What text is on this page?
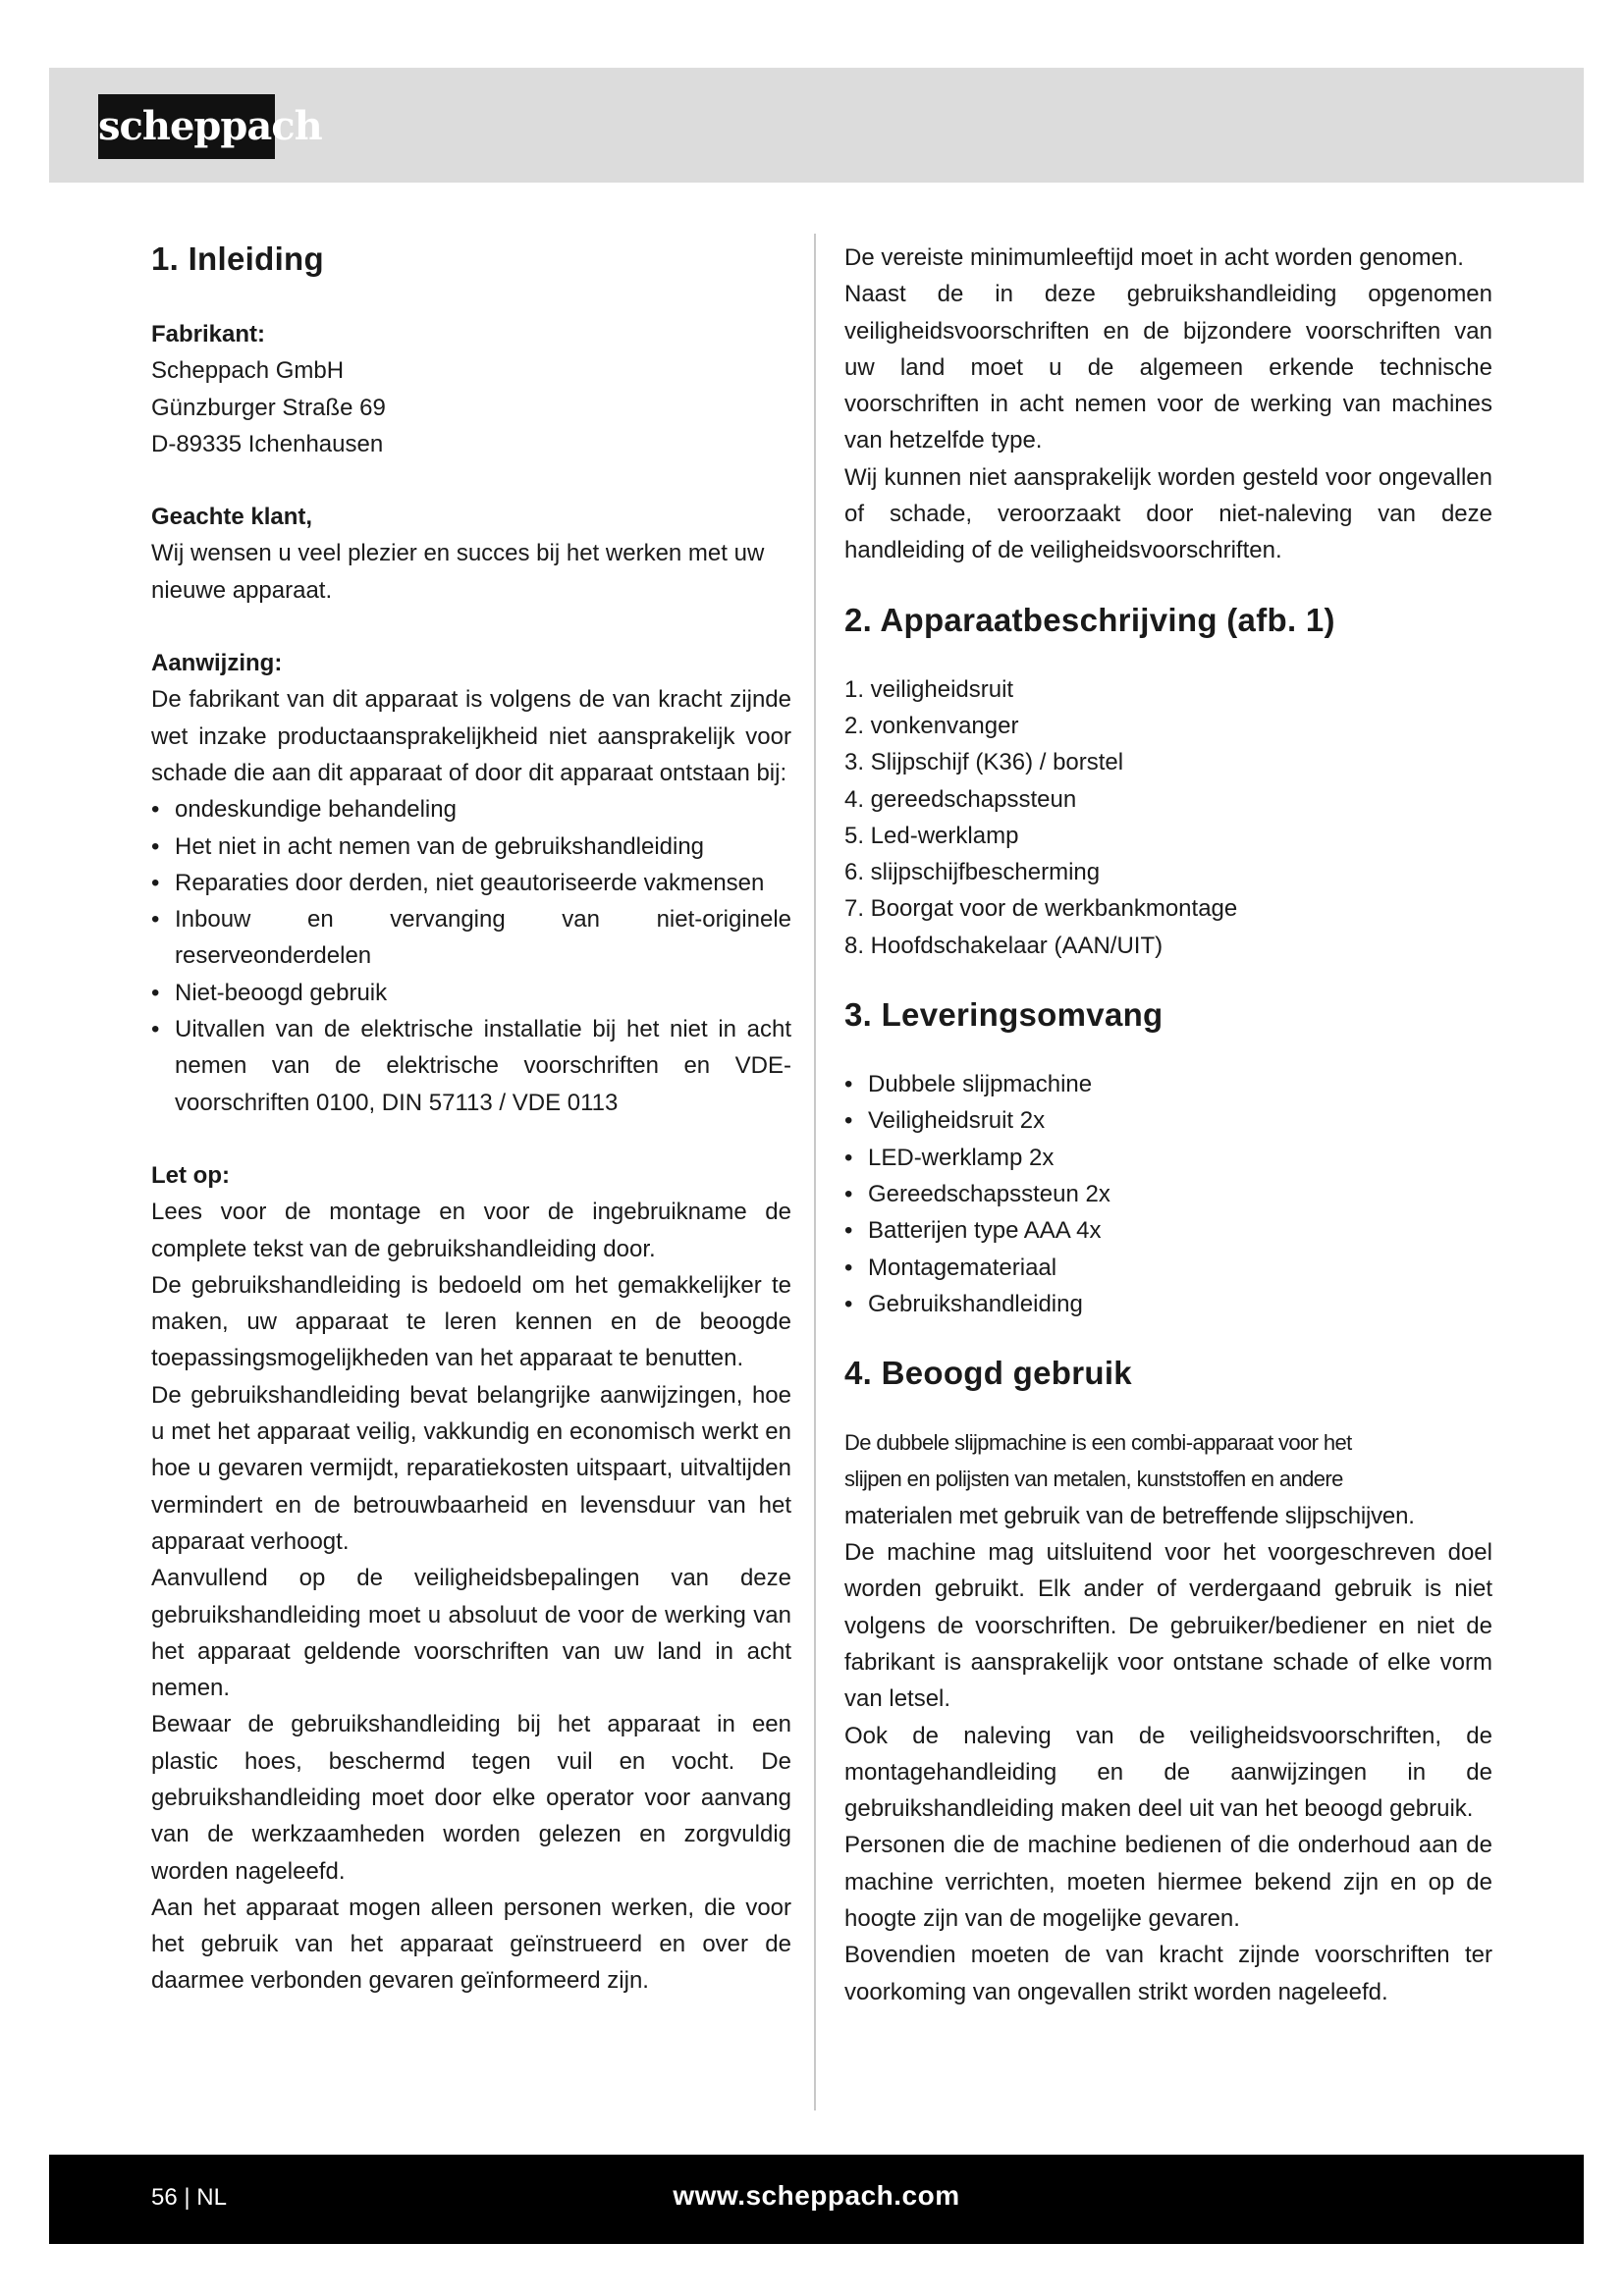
scheppach
1. Inleiding

Fabrikant:

Scheppach GmbH

Günzburger Straße 69

D-89335 Ichenhausen

Geachte klant,

Wij wensen u veel plezier en succes bij het werken met uw nieuwe apparaat.

Aanwijzing:

De fabrikant van dit apparaat is volgens de van kracht zijnde wet inzake productaansprakelijkheid niet aansprakelijk voor schade die aan dit apparaat of door dit apparaat ontstaan bij:

• ondeskundige behandeling
• Het niet in acht nemen van de gebruikshandleiding
• Reparaties door derden, niet geautoriseerde vakmensen
• Inbouw en vervanging van niet-originele reserveonderdelen
• Niet-beoogd gebruik
• Uitvallen van de elektrische installatie bij het niet in acht nemen van de elektrische voorschriften en VDE-voorschriften 0100, DIN 57113 / VDE 0113

Let op:

Lees voor de montage en voor de ingebruikname de complete tekst van de gebruikshandleiding door.

De gebruikshandleiding is bedoeld om het gemakkelijker te maken, uw apparaat te leren kennen en de beoogde toepassingsmogelijkheden van het apparaat te benutten.

De gebruikshandleiding bevat belangrijke aanwijzingen, hoe u met het apparaat veilig, vakkundig en economisch werkt en hoe u gevaren vermijdt, reparatiekosten uitspaart, uitvaltijden vermindert en de betrouwbaarheid en levensduur van het apparaat verhoogt.

Aanvullend op de veiligheidsbepalingen van deze gebruikshandleiding moet u absoluut de voor de werking van het apparaat geldende voorschriften van uw land in acht nemen.

Bewaar de gebruikshandleiding bij het apparaat in een plastic hoes, beschermd tegen vuil en vocht. De gebruikshandleiding moet door elke operator voor aanvang van de werkzaamheden worden gelezen en zorgvuldig worden nageleefd.

Aan het apparaat mogen alleen personen werken, die voor het gebruik van het apparaat geïnstrueerd en over de daarmee verbonden gevaren geïnformeerd zijn.

De vereiste minimumleeftijd moet in acht worden genomen.

Naast de in deze gebruikshandleiding opgenomen veiligheidsvoorschriften en de bijzondere voorschriften van uw land moet u de algemeen erkende technische voorschriften in acht nemen voor de werking van machines van hetzelfde type.

Wij kunnen niet aansprakelijk worden gesteld voor ongevallen of schade, veroorzaakt door niet-naleving van deze handleiding of de veiligheidsvoorschriften.

2. Apparaatbeschrijving (afb. 1)
1. veiligheidsruit
2. vonkenvanger
3. Slijpschijf (K36) / borstel
4. gereedschapssteun
5. Led-werklamp
6. slijpschijfbescherming
7. Boorgat voor de werkbankmontage
8. Hoofdschakelaar (AAN/UIT)
3. Leveringsomvang
• Dubbele slijpmachine
• Veiligheidsruit 2x
• LED-werklamp 2x
• Gereedschapssteun 2x
• Batterijen type AAA 4x
• Montagemateriaal
• Gebruikshandleiding
4. Beoogd gebruik

De dubbele slijpmachine is een combi-apparaat voor het

slijpen en polijsten van metalen, kunststoffen en andere

materialen met gebruik van de betreffende slijpschijven.

De machine mag uitsluitend voor het voorgeschreven doel worden gebruikt. Elk ander of verdergaand gebruik is niet volgens de voorschriften. De gebruiker/bediener en niet de fabrikant is aansprakelijk voor ontstane schade of elke vorm van letsel.

Ook de naleving van de veiligheidsvoorschriften, de montagehandleiding en de aanwijzingen in de gebruikshandleiding maken deel uit van het beoogd gebruik.

Personen die de machine bedienen of die onderhoud aan de machine verrichten, moeten hiermee bekend zijn en op de hoogte zijn van de mogelijke gevaren.

Bovendien moeten de van kracht zijnde voorschriften ter voorkoming van ongevallen strikt worden nageleefd.

56 | NL	www.scheppach.com
